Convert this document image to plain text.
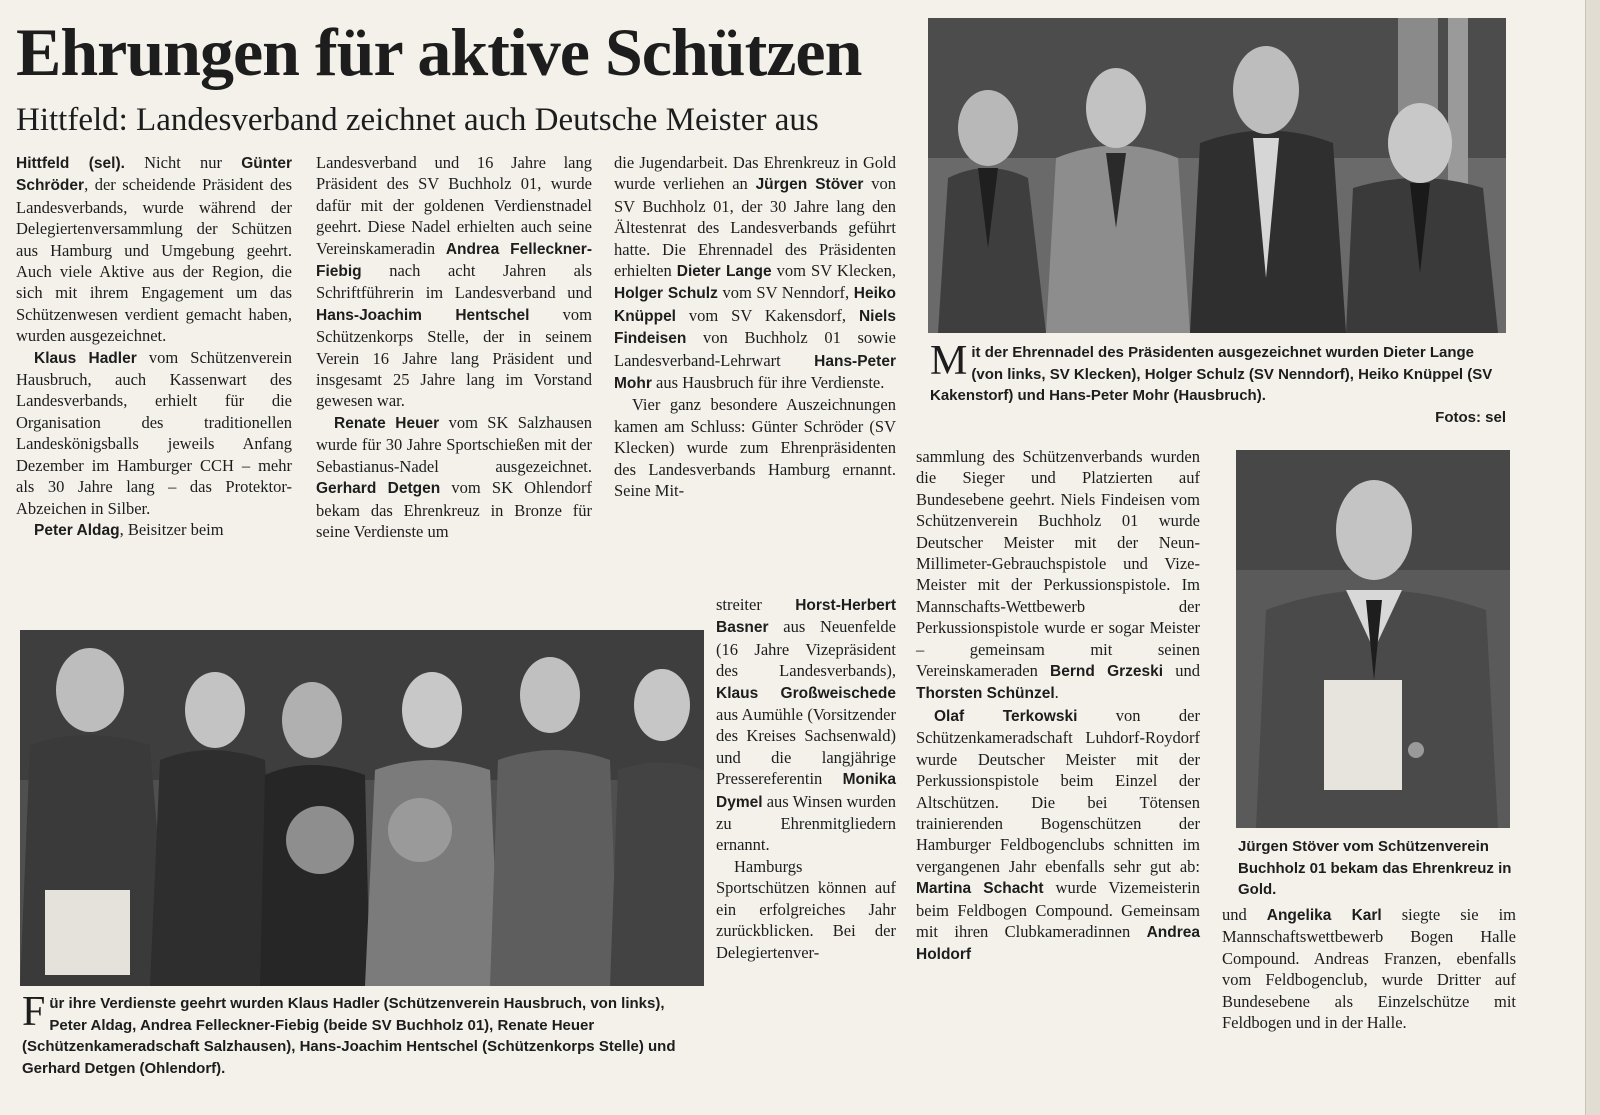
Ehrungen für aktive Schützen
Hittfeld: Landesverband zeichnet auch Deutsche Meister aus

Hittfeld (sel). Nicht nur Günter Schröder, der scheidende Präsident des Landesverbands, wurde während der Delegiertenversammlung der Schützen aus Hamburg und Umgebung geehrt. Auch viele Aktive aus der Region, die sich mit ihrem Engagement um das Schützenwesen verdient gemacht haben, wurden ausgezeichnet.

Klaus Hadler vom Schützenverein Hausbruch, auch Kassenwart des Landesverbands, erhielt für die Organisation des traditionellen Landeskönigsballs jeweils Anfang Dezember im Hamburger CCH – mehr als 30 Jahre lang – das Protektor-Abzeichen in Silber.

Peter Aldag, Beisitzer beim

Landesverband und 16 Jahre lang Präsident des SV Buchholz 01, wurde dafür mit der goldenen Verdienstnadel geehrt. Diese Nadel erhielten auch seine Vereinskameradin Andrea Felleckner-Fiebig nach acht Jahren als Schriftführerin im Landesverband und Hans-Joachim Hentschel vom Schützenkorps Stelle, der in seinem Verein 16 Jahre lang Präsident und insgesamt 25 Jahre lang im Vorstand gewesen war.

Renate Heuer vom SK Salzhausen wurde für 30 Jahre Sportschießen mit der Sebastianus-Nadel ausgezeichnet. Gerhard Detgen vom SK Ohlendorf bekam das Ehrenkreuz in Bronze für seine Verdienste um

die Jugendarbeit. Das Ehrenkreuz in Gold wurde verliehen an Jürgen Stöver von SV Buchholz 01, der 30 Jahre lang den Ältestenrat des Landesverbands geführt hatte. Die Ehrennadel des Präsidenten erhielten Dieter Lange vom SV Klecken, Holger Schulz vom SV Nenndorf, Heiko Knüppel vom SV Kakensdorf, Niels Findeisen von Buchholz 01 sowie Landesverband-Lehrwart Hans-Peter Mohr aus Hausbruch für ihre Verdienste.

Vier ganz besondere Auszeichnungen kamen am Schluss: Günter Schröder (SV Klecken) wurde zum Ehrenpräsidenten des Landesverbands Hamburg ernannt. Seine Mit-

streiter Horst-Herbert Basner aus Neuenfelde (16 Jahre Vizepräsident des Landesverbands), Klaus Großweischede aus Aumühle (Vorsitzender des Kreises Sachsenwald) und die langjährige Pressereferentin Monika Dymel aus Winsen wurden zu Ehrenmitgliedern ernannt.

Hamburgs Sportschützen können auf ein erfolgreiches Jahr zurückblicken. Bei der Delegiertenver-

sammlung des Schützenverbands wurden die Sieger und Platzierten auf Bundesebene geehrt. Niels Findeisen vom Schützenverein Buchholz 01 wurde Deutscher Meister mit der Neun-Millimeter-Gebrauchspistole und Vize-Meister mit der Perkussionspistole. Im Mannschafts-Wettbewerb der Perkussionspistole wurde er sogar Meister – gemeinsam mit seinen Vereinskameraden Bernd Grzeski und Thorsten Schünzel.

Olaf Terkowski von der Schützenkameradschaft Luhdorf-Roydorf wurde Deutscher Meister mit der Perkussionspistole beim Einzel der Altschützen. Die bei Tötensen trainierenden Bogenschützen der Hamburger Feldbogenclubs schnitten im vergangenen Jahr ebenfalls sehr gut ab: Martina Schacht wurde Vizemeisterin beim Feldbogen Compound. Gemeinsam mit ihren Clubkameradinnen Andrea Holdorf

und Angelika Karl siegte sie im Mannschaftswettbewerb Bogen Halle Compound. Andreas Franzen, ebenfalls vom Feldbogenclub, wurde Dritter auf Bundesebene als Einzelschütze mit Feldbogen und in der Halle.

Mit der Ehrennadel des Präsidenten ausgezeichnet wurden Dieter Lange (von links, SV Klecken), Holger Schulz (SV Nenndorf), Heiko Knüppel (SV Kakenstorf) und Hans-Peter Mohr (Hausbruch).
Fotos: sel
Jürgen Stöver vom Schützenverein Buchholz 01 bekam das Ehrenkreuz in Gold.
Für ihre Verdienste geehrt wurden Klaus Hadler (Schützenverein Hausbruch, von links), Peter Aldag, Andrea Felleckner-Fiebig (beide SV Buchholz 01), Renate Heuer (Schützenkameradschaft Salzhausen), Hans-Joachim Hentschel (Schützenkorps Stelle) und Gerhard Detgen (Ohlendorf).
